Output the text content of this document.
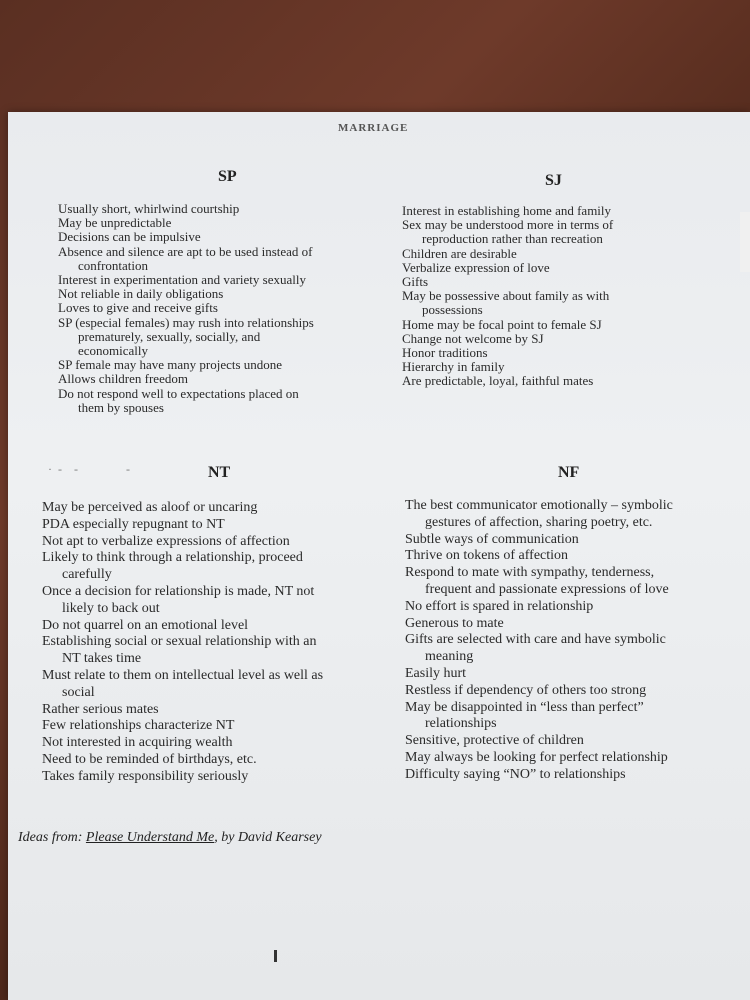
MARRIAGE
SP	SJ
Usually short, whirlwind courtship
May be unpredictable
Decisions can be impulsive
Absence and silence are apt to be used instead of
confrontation
Interest in experimentation and variety sexually
Not reliable in daily obligations
Loves to give and receive gifts
SP (especial females) may rush into relationships
prematurely, sexually, socially, and
economically
SP female may have many projects undone
Allows children freedom
Do not respond well to expectations placed on
them by spouses
Interest in establishing home and family
Sex may be understood more in terms of
reproduction rather than recreation
Children are desirable
Verbalize expression of love
Gifts
May be possessive about family as with
possessions
Home may be focal point to female SJ
Change not welcome by SJ
Honor traditions
Hierarchy in family
Are predictable, loyal, faithful mates
·  -    -                -	NT	NF
May be perceived as aloof or uncaring
PDA especially repugnant to NT
Not apt to verbalize expressions of affection
Likely to think through a relationship, proceed
carefully
Once a decision for relationship is made, NT not
likely to back out
Do not quarrel on an emotional level
Establishing social or sexual relationship with an
NT takes time
Must relate to them on intellectual level as well as
social
Rather serious mates
Few relationships characterize NT
Not interested in acquiring wealth
Need to be reminded of birthdays, etc.
Takes family responsibility seriously
The best communicator emotionally – symbolic
gestures of affection, sharing poetry, etc.
Subtle ways of communication
Thrive on tokens of affection
Respond to mate with sympathy, tenderness,
frequent and passionate expressions of love
No effort is spared in relationship
Generous to mate
Gifts are selected with care and have symbolic
meaning
Easily hurt
Restless if dependency of others too strong
May be disappointed in “less than perfect”
relationships
Sensitive, protective of children
May always be looking for perfect relationship
Difficulty saying “NO” to relationships
Ideas from: Please Understand Me, by David Kearsey
